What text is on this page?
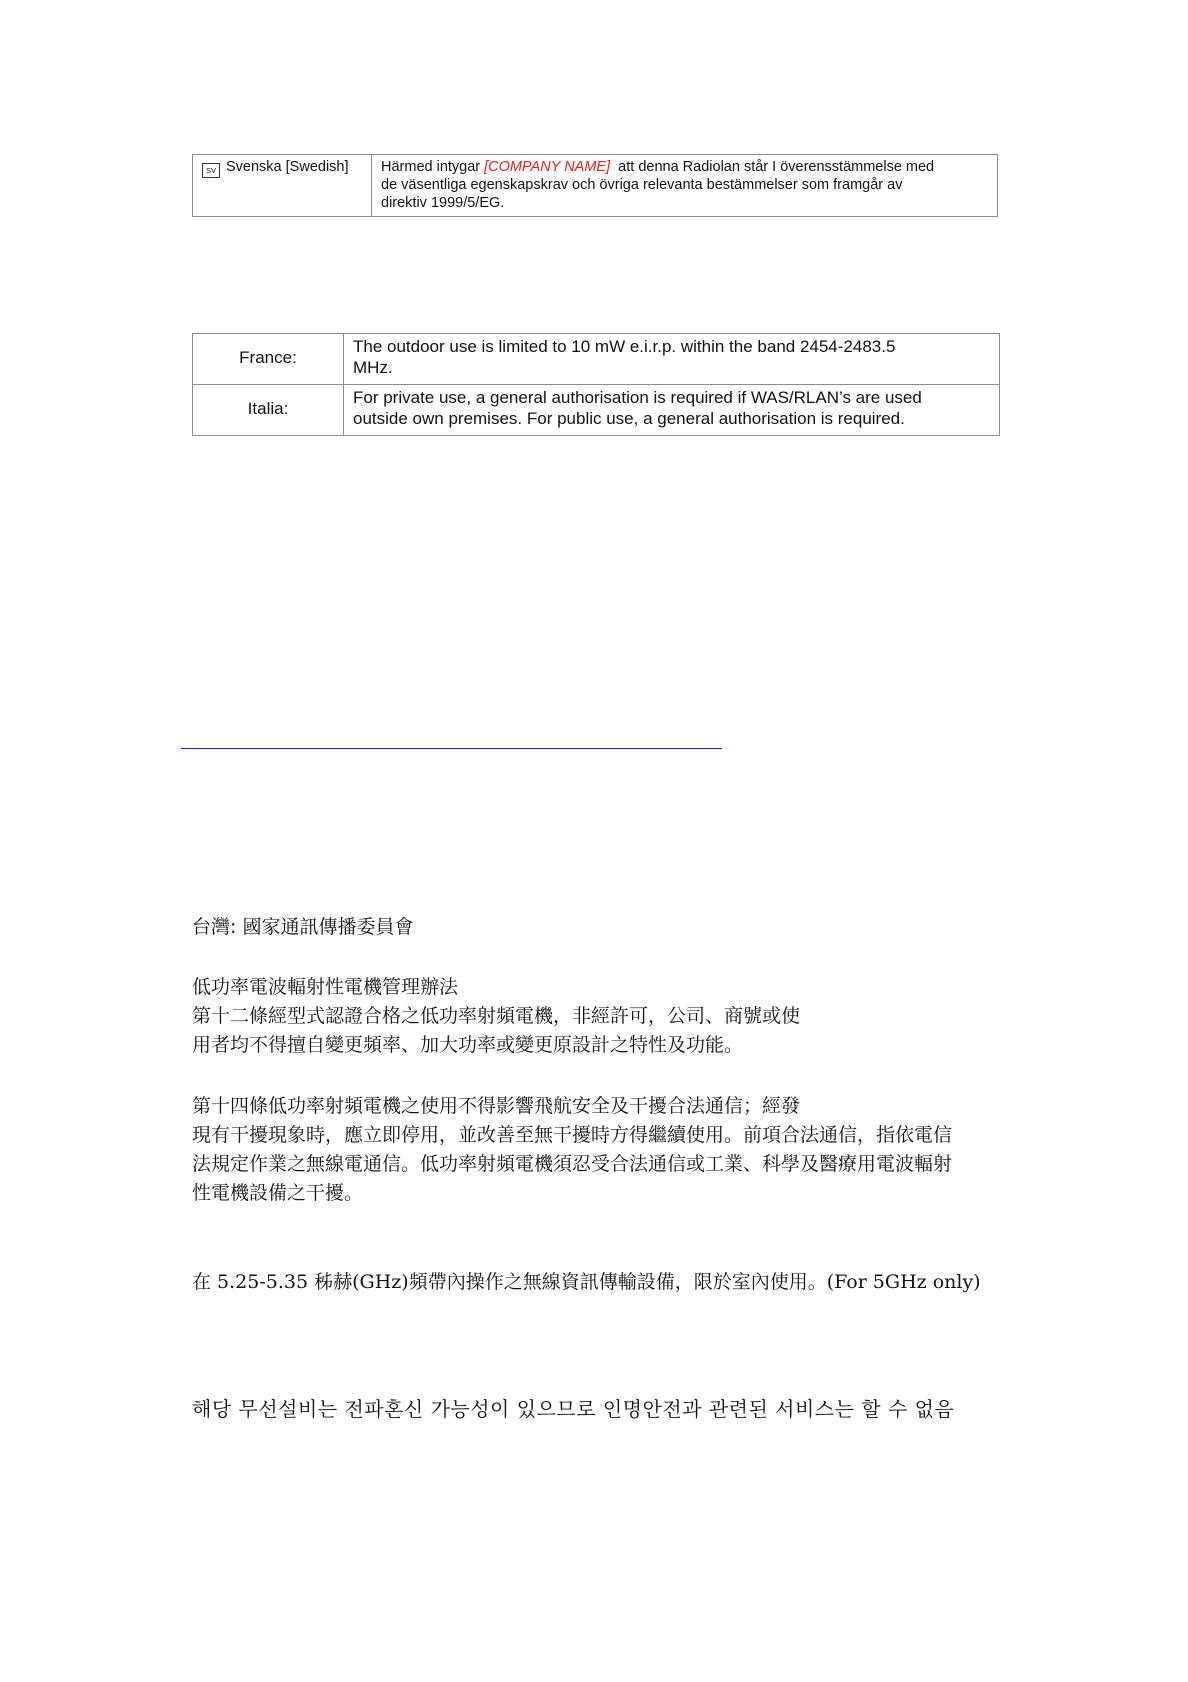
SV Svenska [Swedish]	Härmed intygar [COMPANY NAME]  att denna Radiolan står I överensstämmelse med
de väsentliga egenskapskrav och övriga relevanta bestämmelser som framgår av
direktiv 1999/5/EG.
France:	The outdoor use is limited to 10 mW e.i.r.p. within the band 2454-2483.5
MHz.

Italia:	For private use, a general authorisation is required if WAS/RLAN’s are used
outside own premises. For public use, a general authorisation is required.
台灣: 國家通訊傳播委員會
低功率電波輻射性電機管理辦法
第十二條經型式認證合格之低功率射頻電機，非經許可，公司、商號或使
用者均不得擅自變更頻率、加大功率或變更原設計之特性及功能。
第十四條低功率射頻電機之使用不得影響飛航安全及干擾合法通信；經發
現有干擾現象時，應立即停用，並改善至無干擾時方得繼續使用。前項合法通信，指依電信
法規定作業之無線電通信。低功率射頻電機須忍受合法通信或工業、科學及醫療用電波輻射
性電機設備之干擾。
在 5.25-5.35 秭赫(GHz)頻帶內操作之無線資訊傳輸設備，限於室內使用。(For 5GHz only)
해당 무선설비는 전파혼신 가능성이 있으므로 인명안전과 관련된 서비스는 할 수 없음
